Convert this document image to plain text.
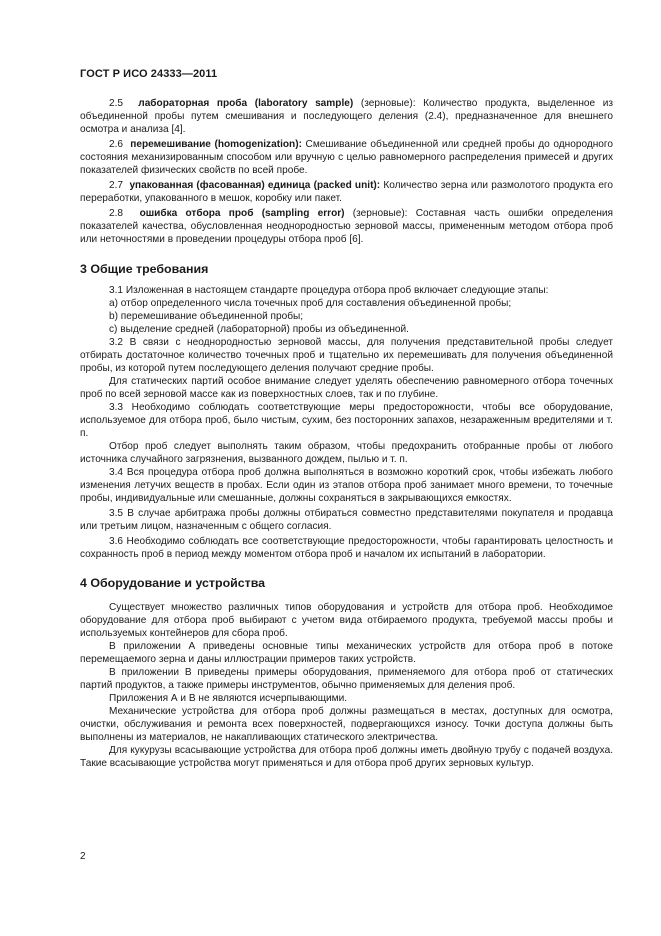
ГОСТ Р ИСО 24333—2011

2.5 лабораторная проба (laboratory sample) (зерновые): Количество продукта, выделенное из объединенной пробы путем смешивания и последующего деления (2.4), предназначенное для внешнего осмотра и анализа [4].

2.6 перемешивание (homogenization): Смешивание объединенной или средней пробы до однородного состояния механизированным способом или вручную с целью равномерного распределения примесей и других показателей физических свойств по всей пробе.

2.7 упакованная (фасованная) единица (packed unit): Количество зерна или размолотого продукта его переработки, упакованного в мешок, коробку или пакет.

2.8 ошибка отбора проб (sampling error) (зерновые): Составная часть ошибки определения показателей качества, обусловленная неоднородностью зерновой массы, примененным методом отбора проб или неточностями в проведении процедуры отбора проб [6].

3 Общие требования

3.1 Изложенная в настоящем стандарте процедура отбора проб включает следующие этапы:

a) отбор определенного числа точечных проб для составления объединенной пробы;

b) перемешивание объединенной пробы;

c) выделение средней (лабораторной) пробы из объединенной.

3.2 В связи с неоднородностью зерновой массы, для получения представительной пробы следует отбирать достаточное количество точечных проб и тщательно их перемешивать для получения объединенной пробы, из которой путем последующего деления получают средние пробы.

Для статических партий особое внимание следует уделять обеспечению равномерного отбора точечных проб по всей зерновой массе как из поверхностных слоев, так и по глубине.

3.3 Необходимо соблюдать соответствующие меры предосторожности, чтобы все оборудование, используемое для отбора проб, было чистым, сухим, без посторонних запахов, незараженным вредителями и т. п.

Отбор проб следует выполнять таким образом, чтобы предохранить отобранные пробы от любого источника случайного загрязнения, вызванного дождем, пылью и т. п.

3.4 Вся процедура отбора проб должна выполняться в возможно короткий срок, чтобы избежать любого изменения летучих веществ в пробах. Если один из этапов отбора проб занимает много времени, то точечные пробы, индивидуальные или смешанные, должны сохраняться в закрывающихся емкостях.

3.5 В случае арбитража пробы должны отбираться совместно представителями покупателя и продавца или третьим лицом, назначенным с общего согласия.

3.6 Необходимо соблюдать все соответствующие предосторожности, чтобы гарантировать целостность и сохранность проб в период между моментом отбора проб и началом их испытаний в лаборатории.

4 Оборудование и устройства

Существует множество различных типов оборудования и устройств для отбора проб. Необходимое оборудование для отбора проб выбирают с учетом вида отбираемого продукта, требуемой массы пробы и используемых контейнеров для сбора проб.

В приложении А приведены основные типы механических устройств для отбора проб в потоке перемещаемого зерна и даны иллюстрации примеров таких устройств.

В приложении В приведены примеры оборудования, применяемого для отбора проб от статических партий продуктов, а также примеры инструментов, обычно применяемых для деления проб.

Приложения А и В не являются исчерпывающими.

Механические устройства для отбора проб должны размещаться в местах, доступных для осмотра, очистки, обслуживания и ремонта всех поверхностей, подвергающихся износу. Точки доступа должны быть выполнены из материалов, не накапливающих статического электричества.

Для кукурузы всасывающие устройства для отбора проб должны иметь двойную трубу с подачей воздуха. Такие всасывающие устройства могут применяться и для отбора проб других зерновых культур.

2
